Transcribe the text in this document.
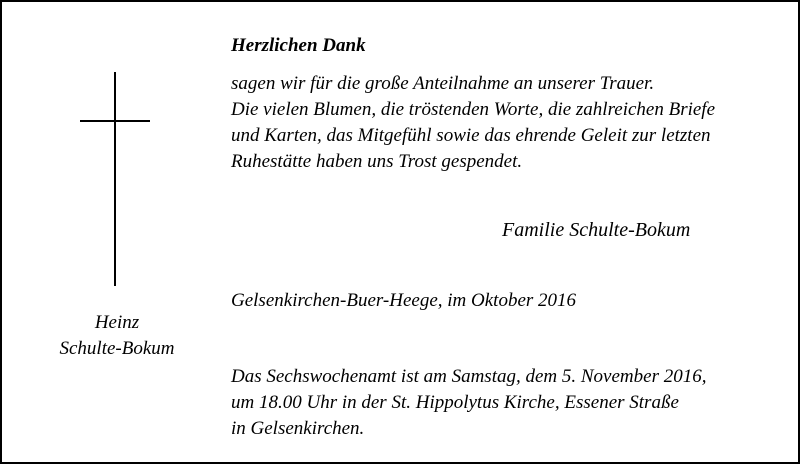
Heinz
Schulte-Bokum
Herzlichen Dank
sagen wir für die große Anteilnahme an unserer Trauer.
Die vielen Blumen, die tröstenden Worte, die zahlreichen Briefe
und Karten, das Mitgefühl sowie das ehrende Geleit zur letzten
Ruhestätte haben uns Trost gespendet.
Familie Schulte-Bokum
Gelsenkirchen-Buer-Heege, im Oktober 2016
Das Sechswochenamt ist am Samstag, dem 5. November 2016,
um 18.00 Uhr in der St. Hippolytus Kirche, Essener Straße
in Gelsenkirchen.
